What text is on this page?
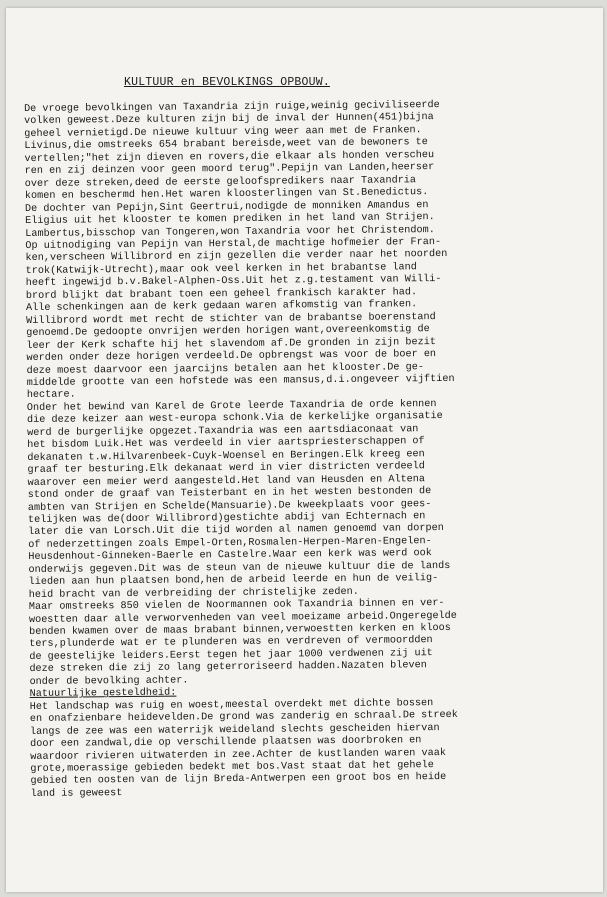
KULTUUR en BEVOLKINGS OPBOUW.
De vroege bevolkingen van Taxandria zijn ruige,weinig geciviliseerde
volken geweest.Deze kulturen zijn bij de inval der Hunnen(451)bijna
geheel vernietigd.De nieuwe kultuur ving weer aan met de Franken.
Livinus,die omstreeks 654 brabant bereisde,weet van de bewoners te
vertellen;"het zijn dieven en rovers,die elkaar als honden verscheu
ren en zij deinzen voor geen moord terug".Pepijn van Landen,heerser
over deze streken,deed de eerste geloofspredikers naar Taxandria
komen en beschermd hen.Het waren kloosterlingen van St.Benedictus.
De dochter van Pepijn,Sint Geertrui,nodigde de monniken Amandus en
Eligius uit het klooster te komen prediken in het land van Strijen.
Lambertus,bisschop van Tongeren,won Taxandria voor het Christendom.
Op uitnodiging van Pepijn van Herstal,de machtige hofmeier der Fran-
ken,verscheen Willibrord en zijn gezellen die verder naar het noorden
trok(Katwijk-Utrecht),maar ook veel kerken in het brabantse land
heeft ingewijd b.v.Bakel-Alphen-Oss.Uit het z.g.testament van Willi-
brord blijkt dat brabant toen een geheel frankisch karakter had.
Alle schenkingen aan de kerk gedaan waren afkomstig van franken.
Willibrord wordt met recht de stichter van de brabantse boerenstand
genoemd.De gedoopte onvrijen werden horigen want,overeenkomstig de
leer der Kerk schafte hij het slavendom af.De gronden in zijn bezit
werden onder deze horigen verdeeld.De opbrengst was voor de boer en
deze moest daarvoor een jaarcijns betalen aan het klooster.De ge-
middelde grootte van een hofstede was een mansus,d.i.ongeveer vijftien
hectare.
Onder het bewind van Karel de Grote leerde Taxandria de orde kennen
die deze keizer aan west-europa schonk.Via de kerkelijke organisatie
werd de burgerlijke opgezet.Taxandria was een aartsdiaconaat van
het bisdom Luik.Het was verdeeld in vier aartspriesterschappen of
dekanaten t.w.Hilvarenbeek-Cuyk-Woensel en Beringen.Elk kreeg een
graaf ter besturing.Elk dekanaat werd in vier districten verdeeld
waarover een meier werd aangesteld.Het land van Heusden en Altena
stond onder de graaf van Teisterbant en in het westen bestonden de
ambten van Strijen en Schelde(Mansuarie).De kweekplaats voor gees-
telijken was de(door Willibrord)gestichte abdij van Echternach en
later die van Lorsch.Uit die tijd worden al namen genoemd van dorpen
of nederzettingen zoals Empel-Orten,Rosmalen-Herpen-Maren-Engelen-
Heusdenhout-Ginneken-Baerle en Castelre.Waar een kerk was werd ook
onderwijs gegeven.Dit was de steun van de nieuwe kultuur die de lands
lieden aan hun plaatsen bond,hen de arbeid leerde en hun de veilig-
heid bracht van de verbreiding der christelijke zeden.
Maar omstreeks 850 vielen de Noormannen ook Taxandria binnen en ver-
woestten daar alle verworvenheden van veel moeizame arbeid.Ongeregelde
benden kwamen over de maas brabant binnen,verwoestten kerken en kloos
ters,plunderde wat er te plunderen was en verdreven of vermoordden
de geestelijke leiders.Eerst tegen het jaar 1000 verdwenen zij uit
deze streken die zij zo lang geterroriseerd hadden.Nazaten bleven
onder de bevolking achter.
Natuurlijke gesteldheid:
Het landschap was ruig en woest,meestal overdekt met dichte bossen
en onafzienbare heidevelden.De grond was zanderig en schraal.De streek
langs de zee was een waterrijk weideland slechts gescheiden hiervan
door een zandwal,die op verschillende plaatsen was doorbroken en
waardoor rivieren uitwaterden in zee.Achter de kustlanden waren vaak
grote,moerassige gebieden bedekt met bos.Vast staat dat het gehele
gebied ten oosten van de lijn Breda-Antwerpen een groot bos en heide
land is geweest
